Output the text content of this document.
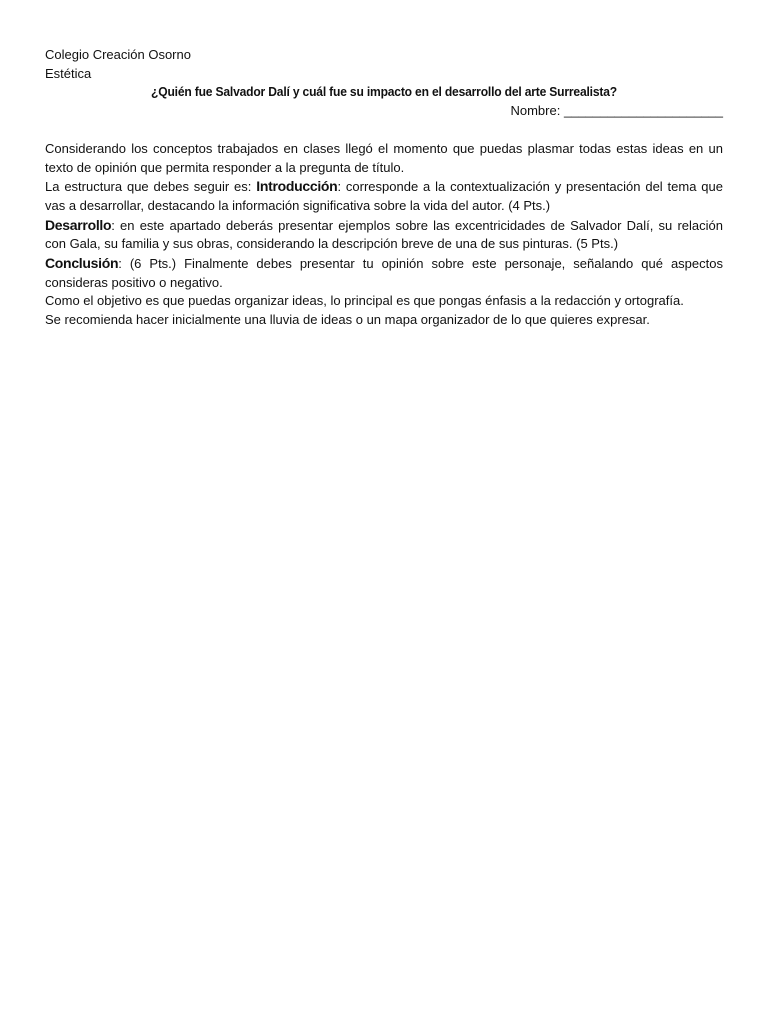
Colegio Creación Osorno

Estética

¿Quién fue Salvador Dalí y cuál fue su impacto en el desarrollo del arte Surrealista?

Nombre: ______________________

Considerando los conceptos trabajados en clases llegó el momento que puedas plasmar todas estas ideas en un texto de opinión que permita responder a la pregunta de título.

La estructura que debes seguir es: Introducción: corresponde a la contextualización y presentación del tema que vas a desarrollar, destacando la información significativa sobre la vida del autor. (4 Pts.)

Desarrollo: en este apartado deberás presentar ejemplos sobre las excentricidades de Salvador Dalí, su relación con Gala, su familia y sus obras, considerando la descripción breve de una de sus pinturas. (5 Pts.)

Conclusión: (6 Pts.) Finalmente debes presentar tu opinión sobre este personaje, señalando qué aspectos consideras positivo o negativo.

Como el objetivo es que puedas organizar ideas, lo principal es que pongas énfasis a la redacción y ortografía.

Se recomienda hacer inicialmente una lluvia de ideas o un mapa organizador de lo que quieres expresar.
